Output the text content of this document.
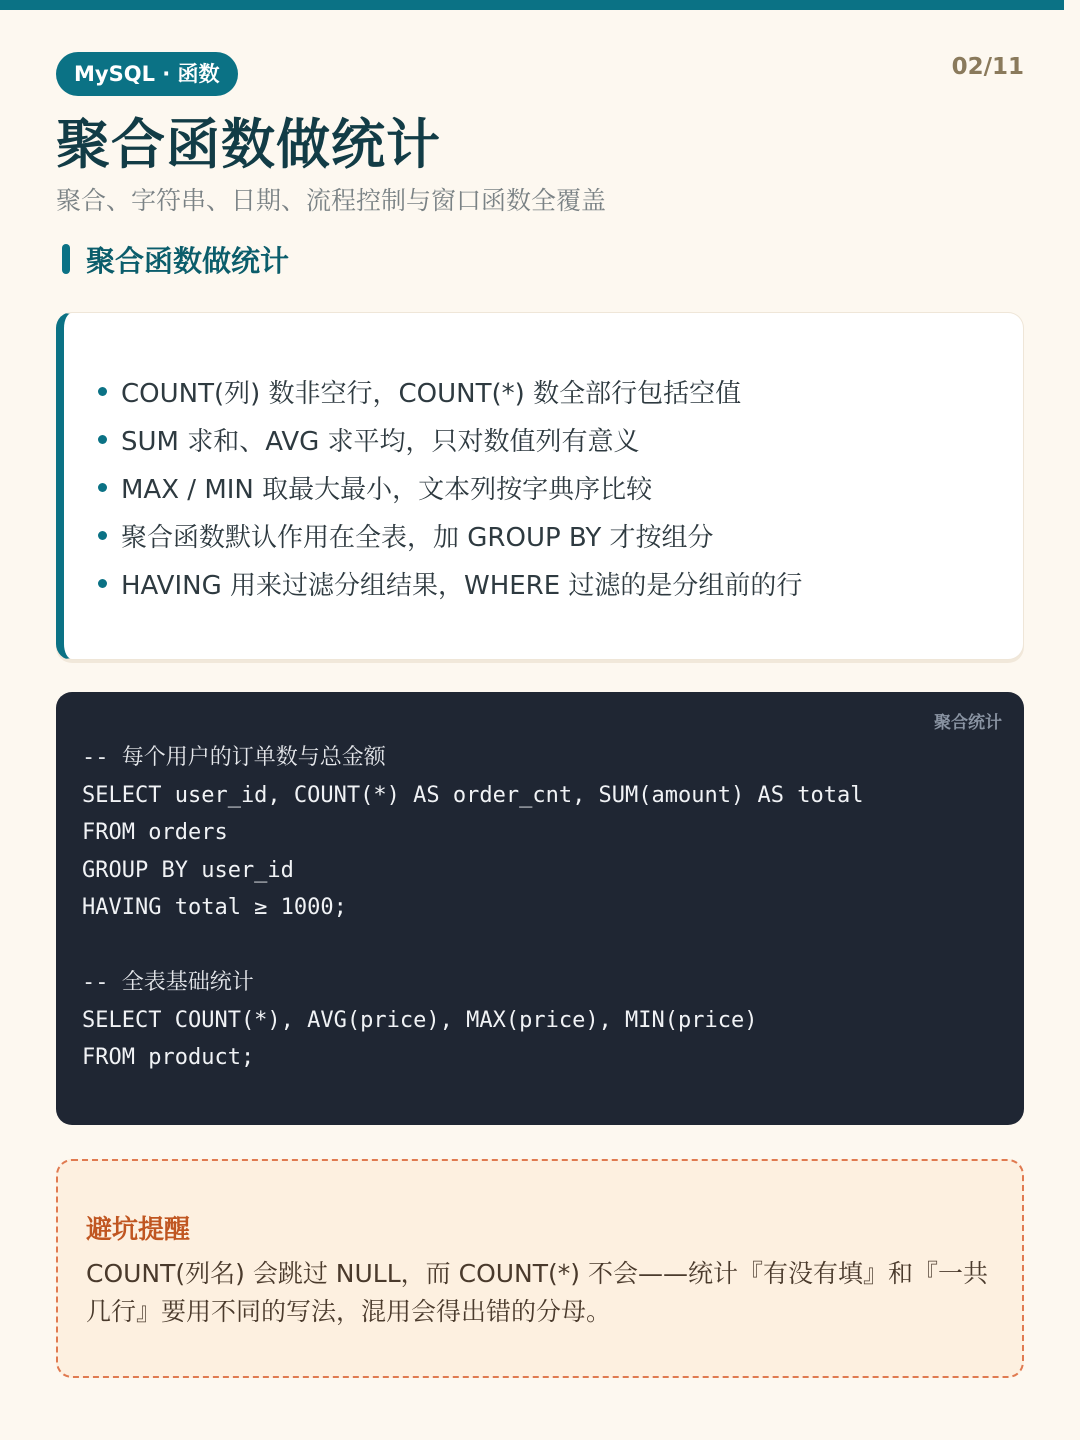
MySQL · 函数	02/11
聚合函数做统计
聚合、字符串、日期、流程控制与窗口函数全覆盖
聚合函数做统计
COUNT(列) 数非空行，COUNT(*) 数全部行包括空值
SUM 求和、AVG 求平均，只对数值列有意义
MAX / MIN 取最大最小，文本列按字典序比较
聚合函数默认作用在全表，加 GROUP BY 才按组分
HAVING 用来过滤分组结果，WHERE 过滤的是分组前的行
聚合统计
-- 每个用户的订单数与总金额
SELECT user_id, COUNT(*) AS order_cnt, SUM(amount) AS total
FROM orders
GROUP BY user_id
HAVING total ≥ 1000;
-- 全表基础统计
SELECT COUNT(*), AVG(price), MAX(price), MIN(price)
FROM product;
避坑提醒
COUNT(列名) 会跳过 NULL，而 COUNT(*) 不会——统计『有没有填』和『一共几行』要用不同的写法，混用会得出错的分母。
